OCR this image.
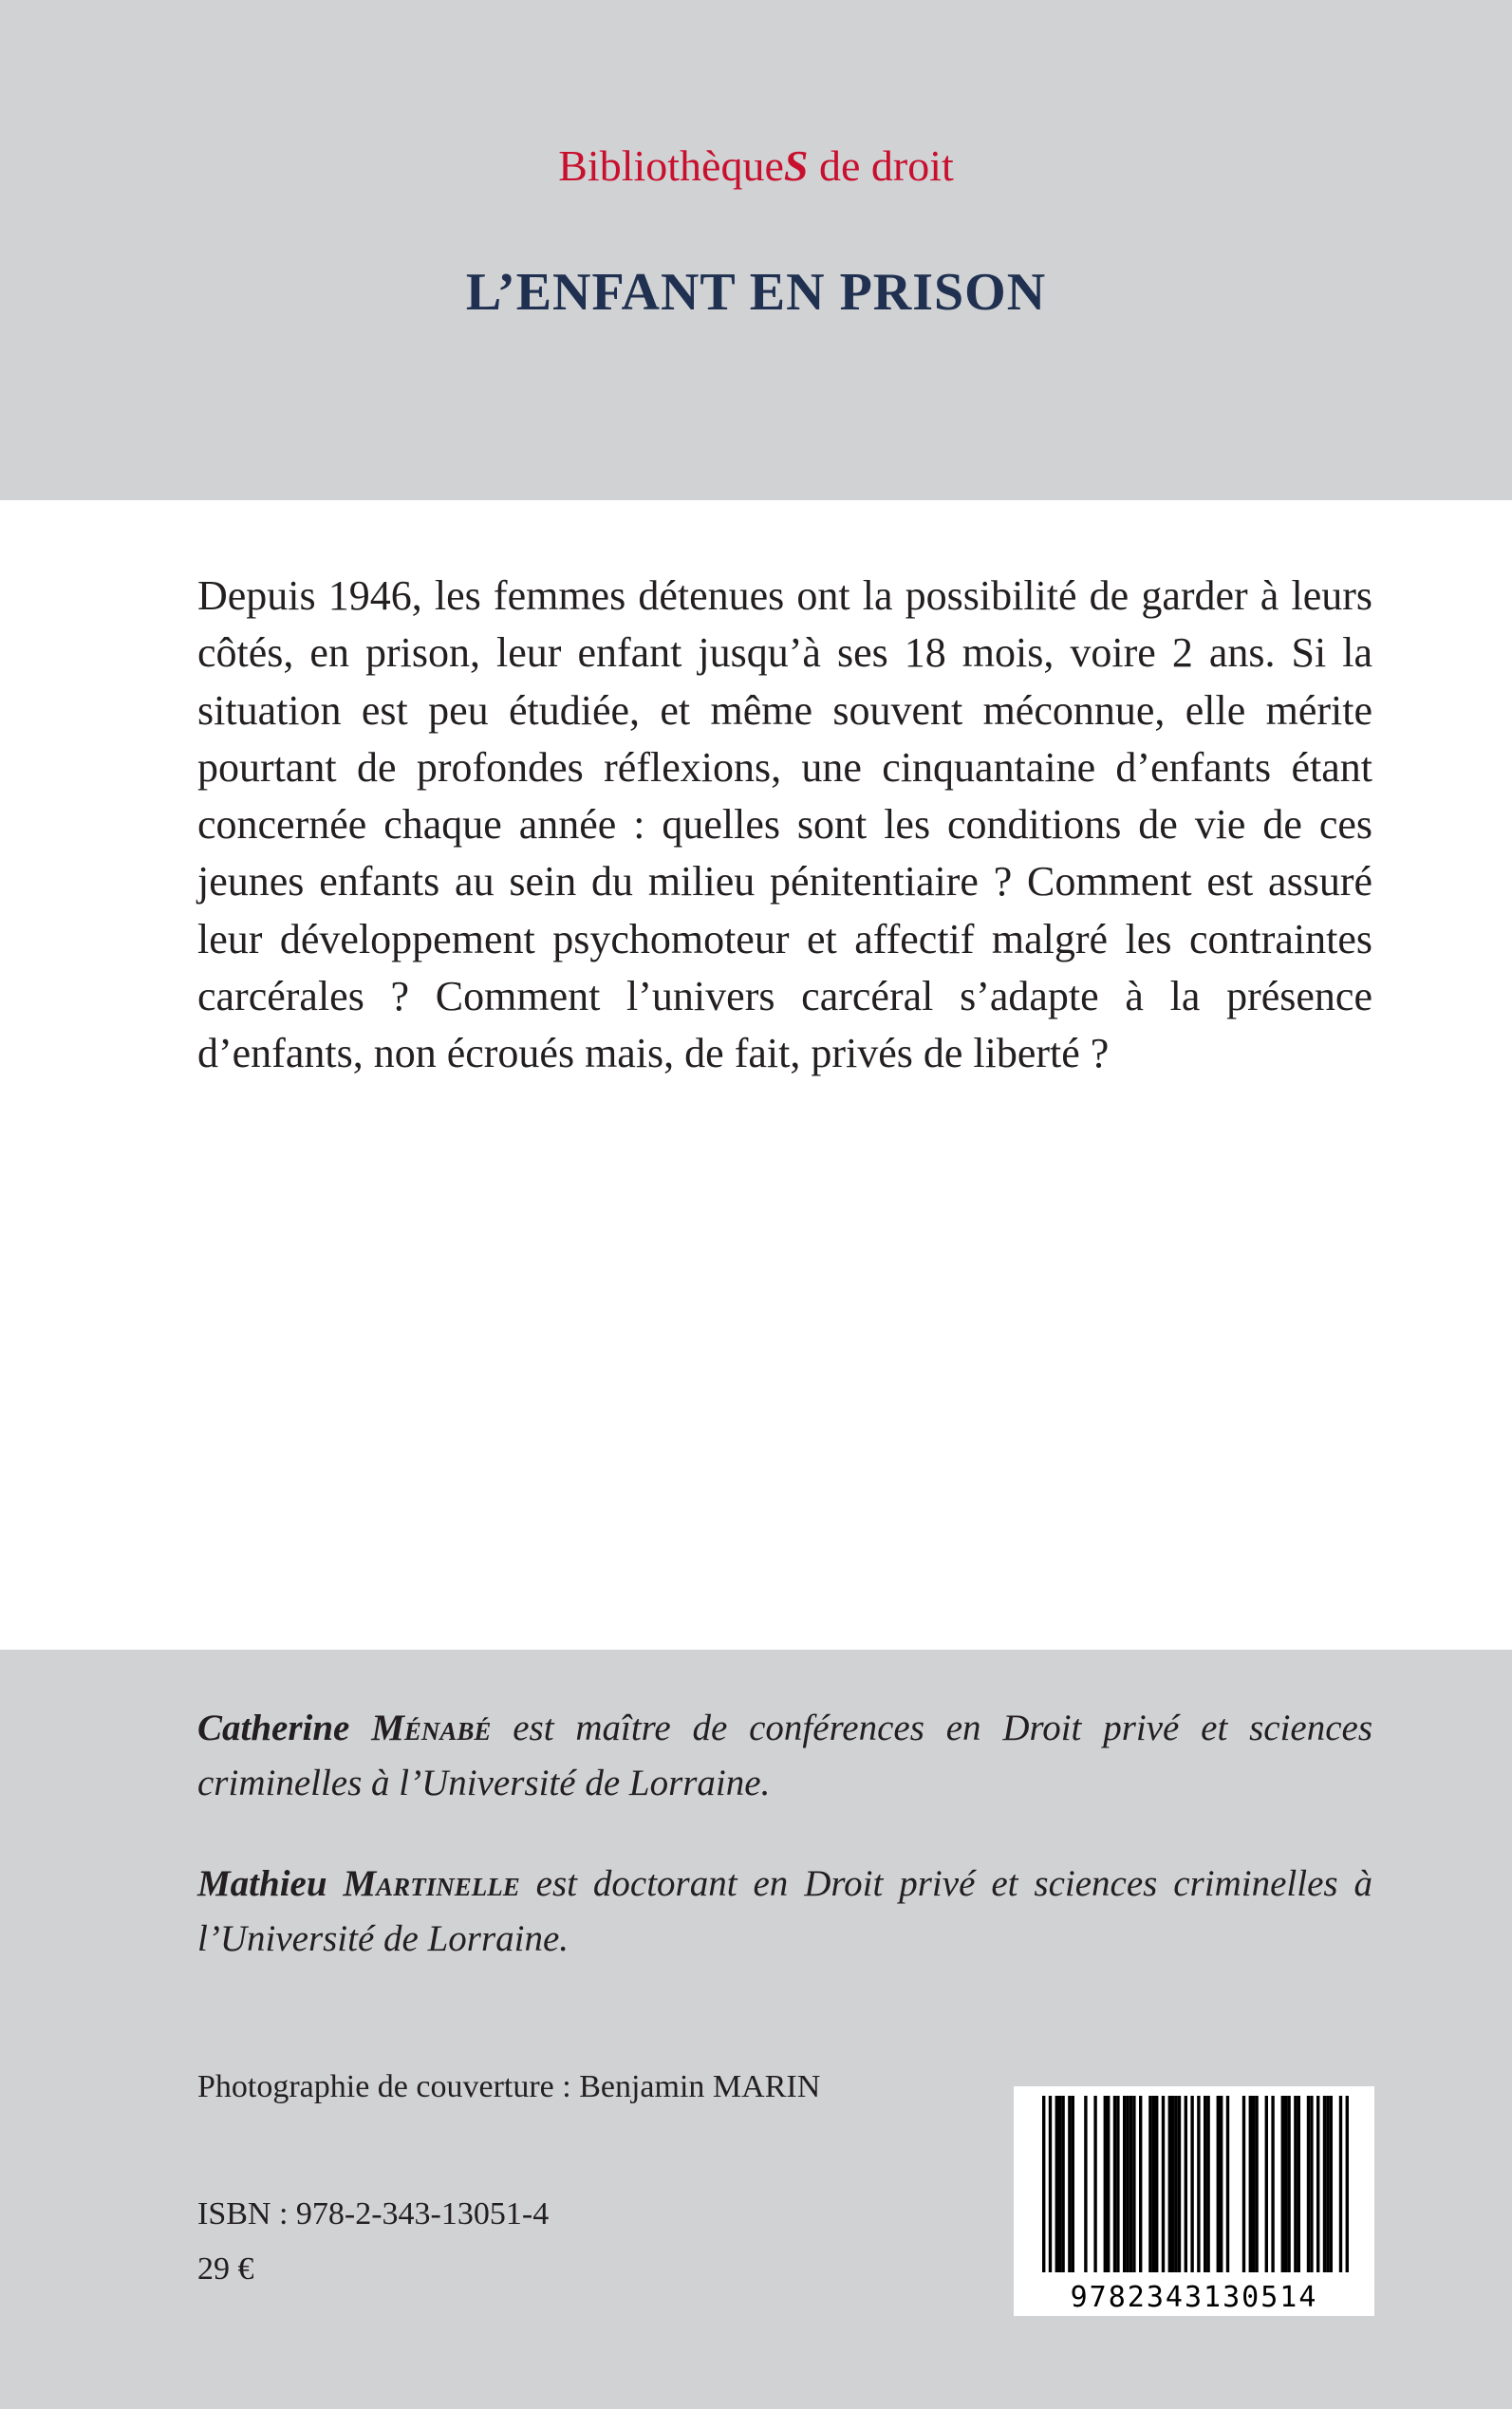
BibliothèqueS de droit
L’ENFANT EN PRISON
Depuis 1946, les femmes détenues ont la possibilité de garder à leurs côtés, en prison, leur enfant jusqu’à ses 18 mois, voire 2 ans. Si la situation est peu étudiée, et même souvent méconnue, elle mérite pourtant de profondes réflexions, une cinquantaine d’enfants étant concernée chaque année : quelles sont les conditions de vie de ces jeunes enfants au sein du milieu pénitentiaire ? Comment est assuré leur développement psychomoteur et affectif malgré les contraintes carcérales ? Comment l’univers carcéral s’adapte à la présence d’enfants, non écroués mais, de fait, privés de liberté ?
Catherine Ménabé est maître de conférences en Droit privé et sciences criminelles à l’Université de Lorraine.
Mathieu Martinelle est doctorant en Droit privé et sciences criminelles à l’Université de Lorraine.
Photographie de couverture : Benjamin MARIN
ISBN : 978-2-343-13051-4
29 €
9782343130514
